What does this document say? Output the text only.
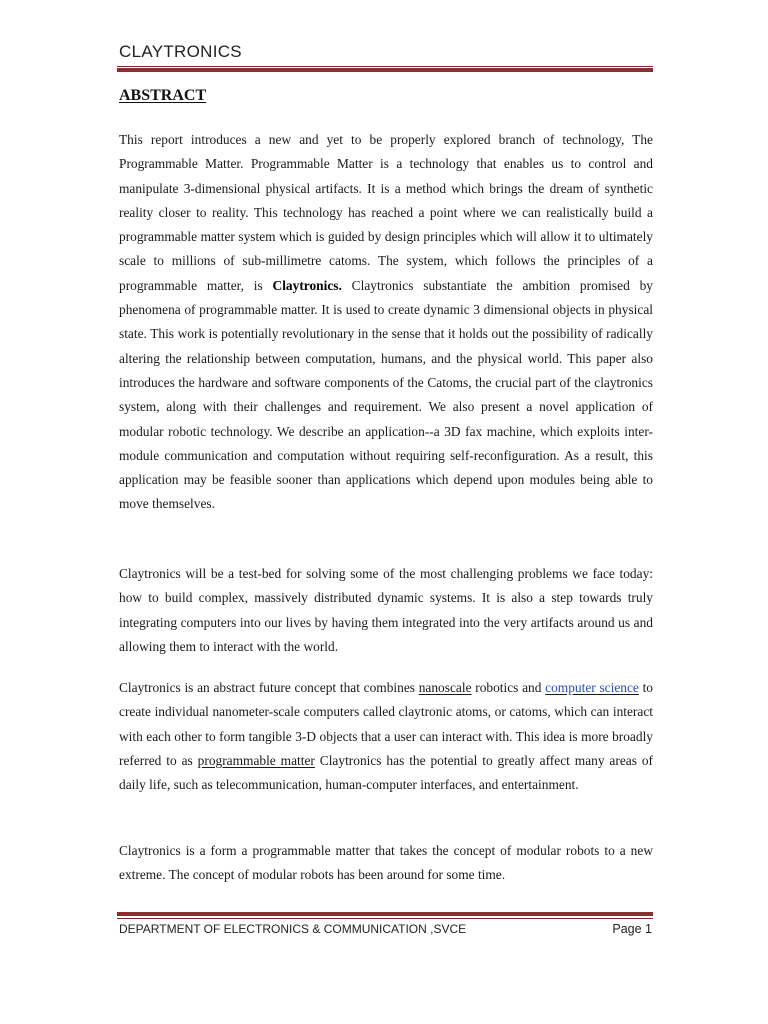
CLAYTRONICS
ABSTRACT

This report introduces a new and yet to be properly explored branch of technology, The Programmable Matter. Programmable Matter is a technology that enables us to control and manipulate 3-dimensional physical artifacts. It is a method which brings the dream of synthetic reality closer to reality. This technology has reached a point where we can realistically build a programmable matter system which is guided by design principles which will allow it to ultimately scale to millions of sub-millimetre catoms. The system, which follows the principles of a programmable matter, is Claytronics. Claytronics substantiate the ambition promised by phenomena of programmable matter. It is used to create dynamic 3 dimensional objects in physical state. This work is potentially revolutionary in the sense that it holds out the possibility of radically altering the relationship between computation, humans, and the physical world. This paper also introduces the hardware and software components of the Catoms, the crucial part of the claytronics system, along with their challenges and requirement. We also present a novel application of modular robotic technology. We describe an application--a 3D fax machine, which exploits inter-module communication and computation without requiring self-reconfiguration. As a result, this application may be feasible sooner than applications which depend upon modules being able to move themselves.

Claytronics will be a test-bed for solving some of the most challenging problems we face today: how to build complex, massively distributed dynamic systems. It is also a step towards truly integrating computers into our lives by having them integrated into the very artifacts around us and allowing them to interact with the world.

Claytronics is an abstract future concept that combines nanoscale robotics and computer science to create individual nanometer-scale computers called claytronic atoms, or catoms, which can interact with each other to form tangible 3-D objects that a user can interact with. This idea is more broadly referred to as programmable matter Claytronics has the potential to greatly affect many areas of daily life, such as telecommunication, human-computer interfaces, and entertainment.

Claytronics is a form a programmable matter that takes the concept of modular robots to a new extreme. The concept of modular robots has been around for some time.

DEPARTMENT OF ELECTRONICS & COMMUNICATION ,SVCE	Page 1
